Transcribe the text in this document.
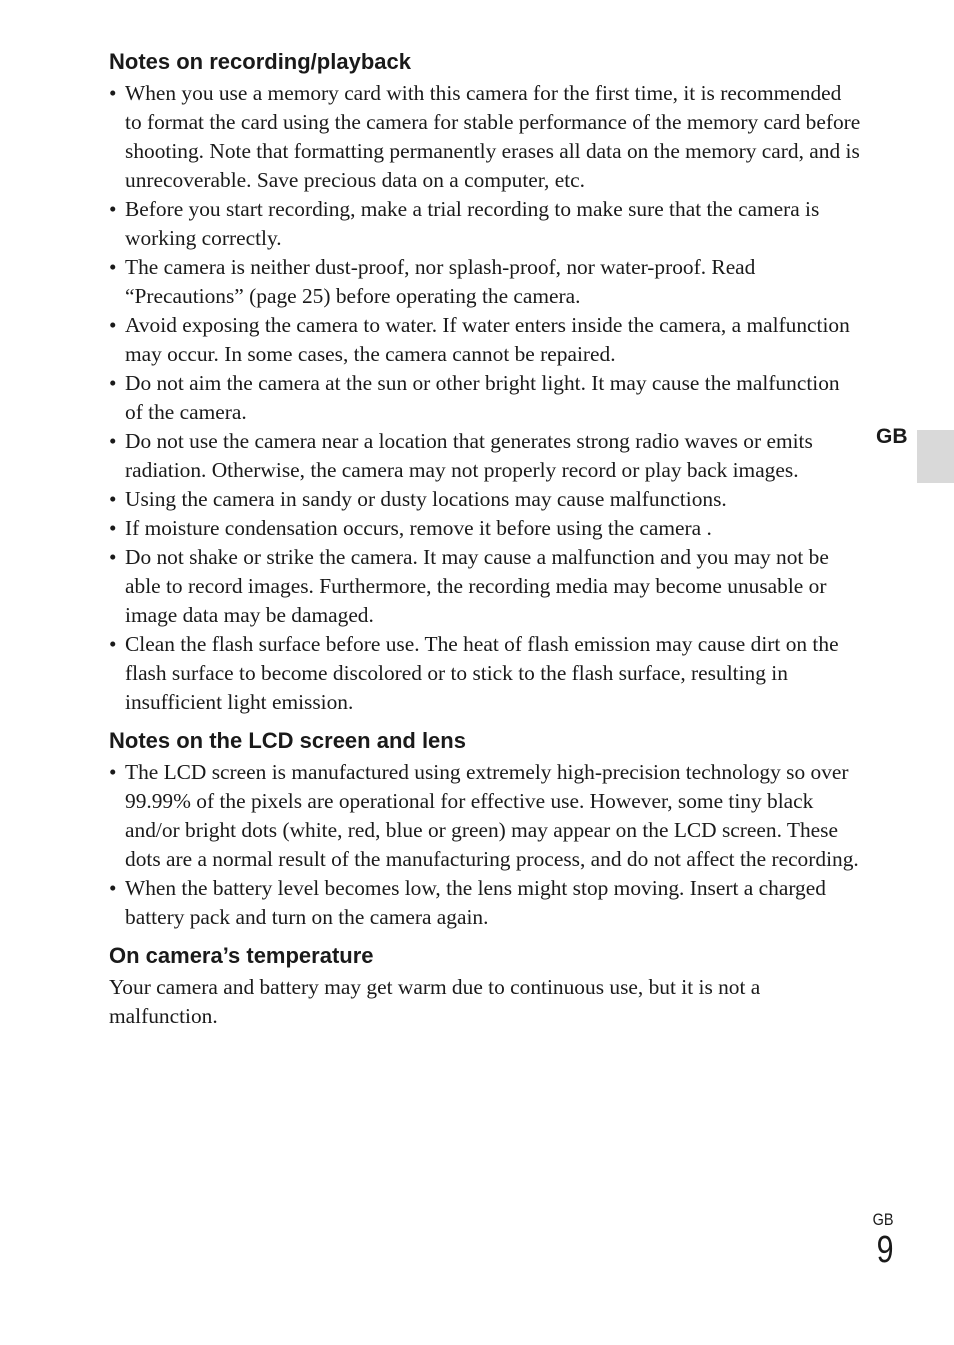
Notes on recording/playback
• When you use a memory card with this camera for the first time, it is recommended to format the card using the camera for stable performance of the memory card before shooting. Note that formatting permanently erases all data on the memory card, and is unrecoverable. Save precious data on a computer, etc.
• Before you start recording, make a trial recording to make sure that the camera is working correctly.
• The camera is neither dust-proof, nor splash-proof, nor water-proof. Read “Precautions” (page 25) before operating the camera.
• Avoid exposing the camera to water. If water enters inside the camera, a malfunction may occur. In some cases, the camera cannot be repaired.
• Do not aim the camera at the sun or other bright light. It may cause the malfunction of the camera.
• Do not use the camera near a location that generates strong radio waves or emits radiation. Otherwise, the camera may not properly record or play back images.
• Using the camera in sandy or dusty locations may cause malfunctions.
• If moisture condensation occurs, remove it before using the camera .
• Do not shake or strike the camera. It may cause a malfunction and you may not be able to record images. Furthermore, the recording media may become unusable or image data may be damaged.
• Clean the flash surface before use. The heat of flash emission may cause dirt on the flash surface to become discolored or to stick to the flash surface, resulting in insufficient light emission.
Notes on the LCD screen and lens
• The LCD screen is manufactured using extremely high-precision technology so over 99.99% of the pixels are operational for effective use. However, some tiny black and/or bright dots (white, red, blue or green) may appear on the LCD screen. These dots are a normal result of the manufacturing process, and do not affect the recording.
• When the battery level becomes low, the lens might stop moving. Insert a charged battery pack and turn on the camera again.
On camera’s temperature

Your camera and battery may get warm due to continuous use, but it is not a malfunction.

GB
GB
9
